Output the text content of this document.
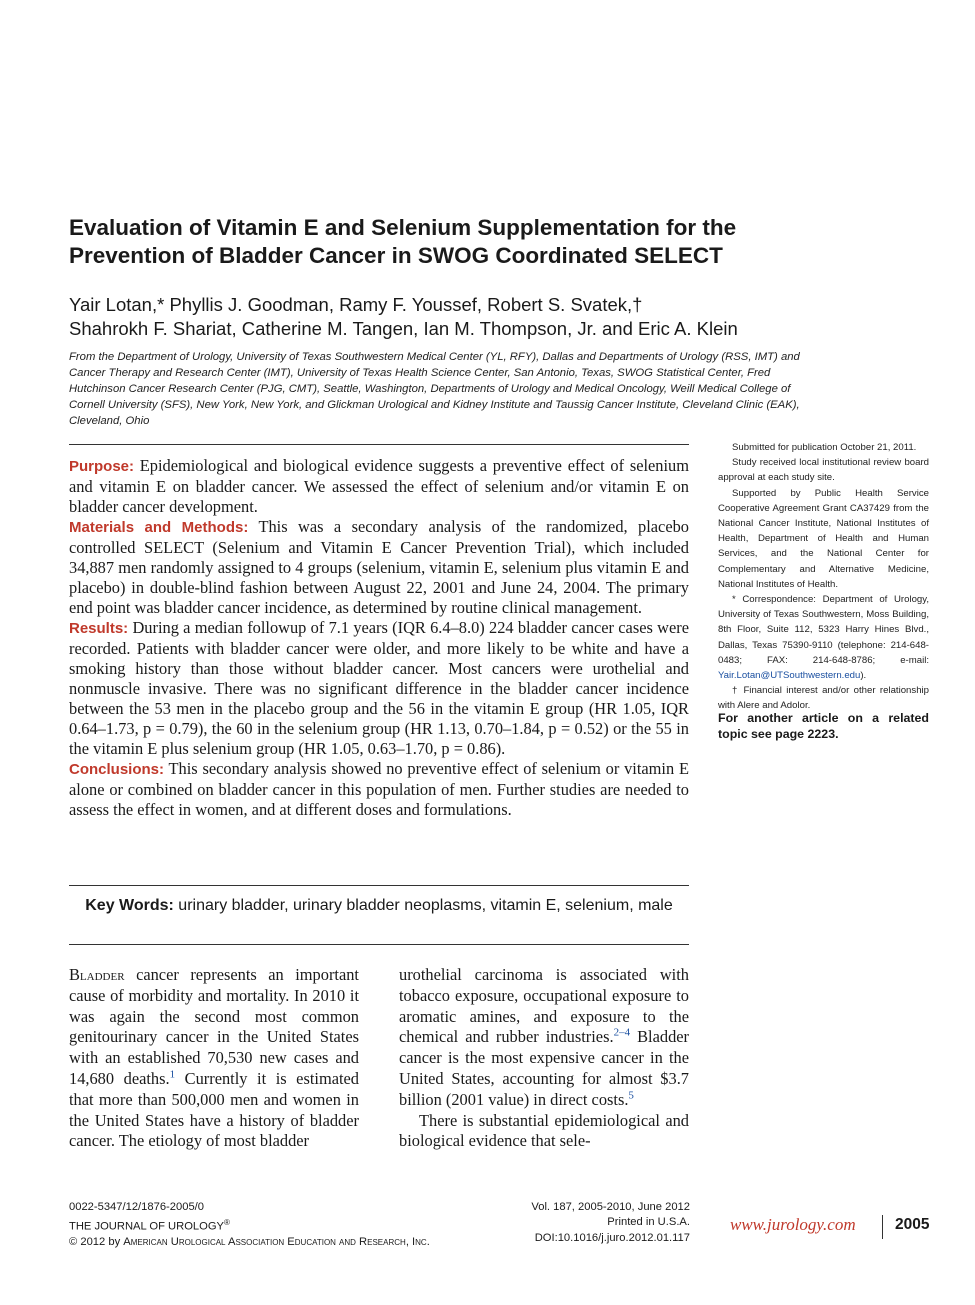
Evaluation of Vitamin E and Selenium Supplementation for the Prevention of Bladder Cancer in SWOG Coordinated SELECT
Yair Lotan,* Phyllis J. Goodman, Ramy F. Youssef, Robert S. Svatek,†
Shahrokh F. Shariat, Catherine M. Tangen, Ian M. Thompson, Jr. and Eric A. Klein
From the Department of Urology, University of Texas Southwestern Medical Center (YL, RFY), Dallas and Departments of Urology (RSS, IMT) and Cancer Therapy and Research Center (IMT), University of Texas Health Science Center, San Antonio, Texas, SWOG Statistical Center, Fred Hutchinson Cancer Research Center (PJG, CMT), Seattle, Washington, Departments of Urology and Medical Oncology, Weill Medical College of Cornell University (SFS), New York, New York, and Glickman Urological and Kidney Institute and Taussig Cancer Institute, Cleveland Clinic (EAK), Cleveland, Ohio

Purpose: Epidemiological and biological evidence suggests a preventive effect of selenium and vitamin E on bladder cancer. We assessed the effect of selenium and/or vitamin E on bladder cancer development.

Materials and Methods: This was a secondary analysis of the randomized, placebo controlled SELECT (Selenium and Vitamin E Cancer Prevention Trial), which included 34,887 men randomly assigned to 4 groups (selenium, vitamin E, selenium plus vitamin E and placebo) in double-blind fashion between August 22, 2001 and June 24, 2004. The primary end point was bladder cancer incidence, as determined by routine clinical management.

Results: During a median followup of 7.1 years (IQR 6.4–8.0) 224 bladder cancer cases were recorded. Patients with bladder cancer were older, and more likely to be white and have a smoking history than those without bladder cancer. Most cancers were urothelial and nonmuscle invasive. There was no significant difference in the bladder cancer incidence between the 53 men in the placebo group and the 56 in the vitamin E group (HR 1.05, IQR 0.64–1.73, p = 0.79), the 60 in the selenium group (HR 1.13, 0.70–1.84, p = 0.52) or the 55 in the vitamin E plus selenium group (HR 1.05, 0.63–1.70, p = 0.86).

Conclusions: This secondary analysis showed no preventive effect of selenium or vitamin E alone or combined on bladder cancer in this population of men. Further studies are needed to assess the effect in women, and at different doses and formulations.

Key Words: urinary bladder, urinary bladder neoplasms, vitamin E, selenium, male

Submitted for publication October 21, 2011.

Study received local institutional review board approval at each study site.

Supported by Public Health Service Cooperative Agreement Grant CA37429 from the National Cancer Institute, National Institutes of Health, Department of Health and Human Services, and the National Center for Complementary and Alternative Medicine, National Institutes of Health.

* Correspondence: Department of Urology, University of Texas Southwestern, Moss Building, 8th Floor, Suite 112, 5323 Harry Hines Blvd., Dallas, Texas 75390-9110 (telephone: 214-648-0483; FAX: 214-648-8786; e-mail: Yair.Lotan@UTSouthwestern.edu).

† Financial interest and/or other relationship with Alere and Adolor.

For another article on a related topic see page 2223.

Bladder cancer represents an important cause of morbidity and mortality. In 2010 it was again the second most common genitourinary cancer in the United States with an established 70,530 new cases and 14,680 deaths.$^1$ Currently it is estimated that more than 500,000 men and women in the United States have a history of bladder cancer. The etiology of most bladder

urothelial carcinoma is associated with tobacco exposure, occupational exposure to aromatic amines, and exposure to the chemical and rubber industries.$^{2-4}$ Bladder cancer is the most expensive cancer in the United States, accounting for almost $3.7 billion (2001 value) in direct costs.$^5$

There is substantial epidemiological and biological evidence that sele-

0022-5347/12/1876-2005/0
THE JOURNAL OF UROLOGY®
© 2012 by American Urological Association Education and Research, Inc.
Vol. 187, 2005-2010, June 2012
Printed in U.S.A.
DOI:10.1016/j.juro.2012.01.117
www.jurology.com	2005
